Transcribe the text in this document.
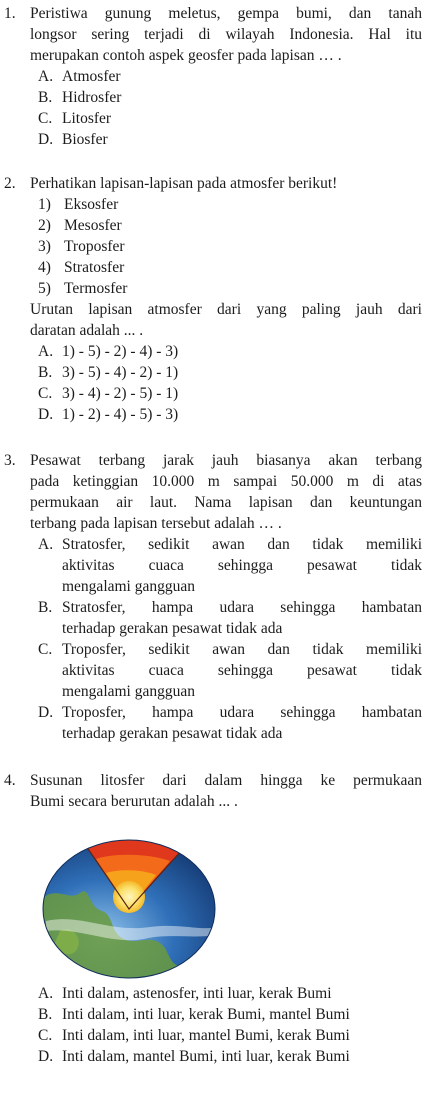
1. Peristiwa gunung meletus, gempa bumi, dan tanah
longsor sering terjadi di wilayah Indonesia. Hal itu
merupakan contoh aspek geosfer pada lapisan … .
A. Atmosfer
B. Hidrosfer
C. Litosfer
D. Biosfer
2. Perhatikan lapisan-lapisan pada atmosfer berikut!
1) Eksosfer
2) Mesosfer
3) Troposfer
4) Stratosfer
5) Termosfer
Urutan lapisan atmosfer dari yang paling jauh dari
daratan adalah ... .
A. 1) - 5) - 2) - 4) - 3)
B. 3) - 5) - 4) - 2) - 1)
C. 3) - 4) - 2) - 5) - 1)
D. 1) - 2) - 4) - 5) - 3)
3. Pesawat terbang jarak jauh biasanya akan terbang
pada ketinggian 10.000 m sampai 50.000 m di atas
permukaan air laut. Nama lapisan dan keuntungan
terbang pada lapisan tersebut adalah … .
A. Stratosfer, sedikit awan dan tidak memiliki
aktivitas cuaca sehingga pesawat tidak
mengalami gangguan
B. Stratosfer, hampa udara sehingga hambatan
terhadap gerakan pesawat tidak ada
C. Troposfer, sedikit awan dan tidak memiliki
aktivitas cuaca sehingga pesawat tidak
mengalami gangguan
D. Troposfer, hampa udara sehingga hambatan
terhadap gerakan pesawat tidak ada
4. Susunan litosfer dari dalam hingga ke permukaan
Bumi secara berurutan adalah ... .
A. Inti dalam, astenosfer, inti luar, kerak Bumi
B. Inti dalam, inti luar, kerak Bumi, mantel Bumi
C. Inti dalam, inti luar, mantel Bumi, kerak Bumi
D. Inti dalam, mantel Bumi, inti luar, kerak Bumi
